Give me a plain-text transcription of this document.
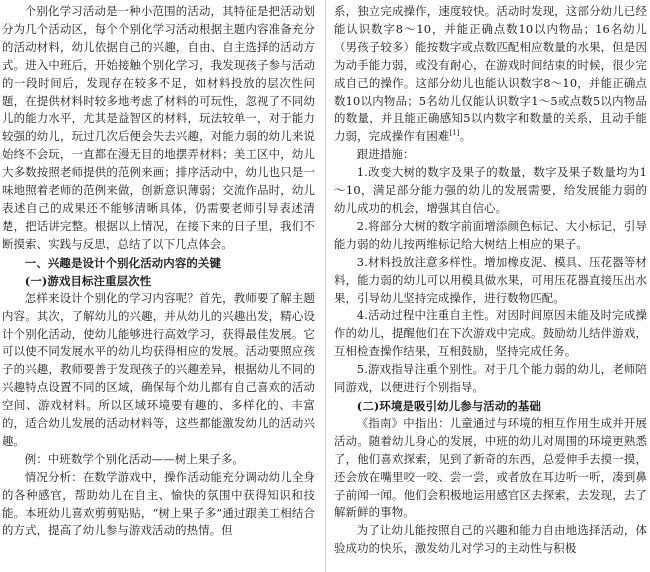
个别化学习活动是一种小范围的活动，其特征是把活动划分为几个活动区，每个个别化学习活动根据主题内容准备充分的活动材料，幼儿依据自己的兴趣，自由、自主选择的活动方式。进入中班后，开始接触个别化学习，我发现孩子参与活动的一段时间后，发现存在较多不足，如材料投放的层次性问题，在提供材料时较多地考虑了材料的可玩性，忽视了不同幼儿的能力水平，尤其是益智区的材料，玩法较单一，对于能力较强的幼儿，玩过几次后便会失去兴趣，对能力弱的幼儿来说始终不会玩，一直都在漫无目的地摆弄材料；美工区中，幼儿大多数按照老师提供的范例来画；排序活动中，幼儿也只是一味地照着老师的范例来做，创新意识薄弱；交流作品时，幼儿表述自己的成果还不能够清晰具体，仍需要老师引导表述清楚，把话讲完整。根据以上情况，在接下来的日子里，我们不断摸索、实践与反思，总结了以下几点体会。

一、兴趣是设计个别化活动内容的关键

(一)游戏目标注重层次性

怎样来设计个别化的学习内容呢？首先，教师要了解主题内容。其次，了解幼儿的兴趣，并从幼儿的兴趣出发，精心设计个别化活动，使幼儿能够进行高效学习，获得最佳发展。它可以使不同发展水平的幼儿均获得相应的发展。活动要照应孩子的兴趣，教师要善于发现孩子的兴趣差异，根据幼儿不同的兴趣特点设置不同的区域，确保每个幼儿都有自己喜欢的活动空间、游戏材料。所以区域环境要有趣的、多样化的、丰富的，适合幼儿发展的活动材料等，这些都能激发幼儿的活动兴趣。

例：中班数学个别化活动——树上果子多。

情况分析：在数学游戏中，操作活动能充分调动幼儿全身的各种感官，帮助幼儿在自主、愉快的氛围中获得知识和技能。本班幼儿喜欢剪剪贴贴，“树上果子多”通过跟美工相结合的方式，提高了幼儿参与游戏活动的热情。但

系，独立完成操作，速度较快。活动时发现，这部分幼儿已经能认识数字8～10，并能正确点数10以内物品；16名幼儿（男孩子较多）能按数字或点数匹配相应数量的水果，但是因为动手能力弱，或没有耐心，在游戏时间结束的时候，很少完成自己的操作。这部分幼儿也能认识数字8～10，并能正确点数10以内物品；5名幼儿仅能认识数字1～5或点数5以内物品的数量，并且能正确感知5以内数字和数量的关系，且动手能力弱，完成操作有困难[1]。

跟进措施：

1.改变大树的数字及果子的数量，数字及果子数量均为1～10，满足部分能力强的幼儿的发展需要，给发展能力弱的幼儿成功的机会，增强其自信心。

2.将部分大树的数字前面增添颜色标记、大小标记，引导能力弱的幼儿按两维标记给大树结上相应的果子。

3.材料投放注意多样性。增加橡皮泥、模具、压花器等材料，能力弱的幼儿可以用模具做水果，可用压花器直接压出水果，引导幼儿坚持完成操作，进行数物匹配。

4.活动过程中注重自主性。对因时间原因未能及时完成操作的幼儿，提醒他们在下次游戏中完成。鼓励幼儿结伴游戏，互相检查操作结果，互相鼓励，坚持完成任务。

5.游戏指导注重个别性。对于几个能力弱的幼儿，老师陪同游戏，以便进行个别指导。

(二)环境是吸引幼儿参与活动的基础

《指南》中指出：儿童通过与环境的相互作用生成并开展活动。随着幼儿身心的发展，中班的幼儿对周围的环境更熟悉了，他们喜欢探索，见到了新奇的东西，总爱伸手去摸一摸，还会放在嘴里咬一咬、尝一尝，或者放在耳边听一听，凑到鼻子前闻一闻。他们会积极地运用感官区去探索，去发现，去了解新鲜的事物。

为了让幼儿能按照自己的兴趣和能力自由地选择活动，体验成功的快乐，激发幼儿对学习的主动性与积极
